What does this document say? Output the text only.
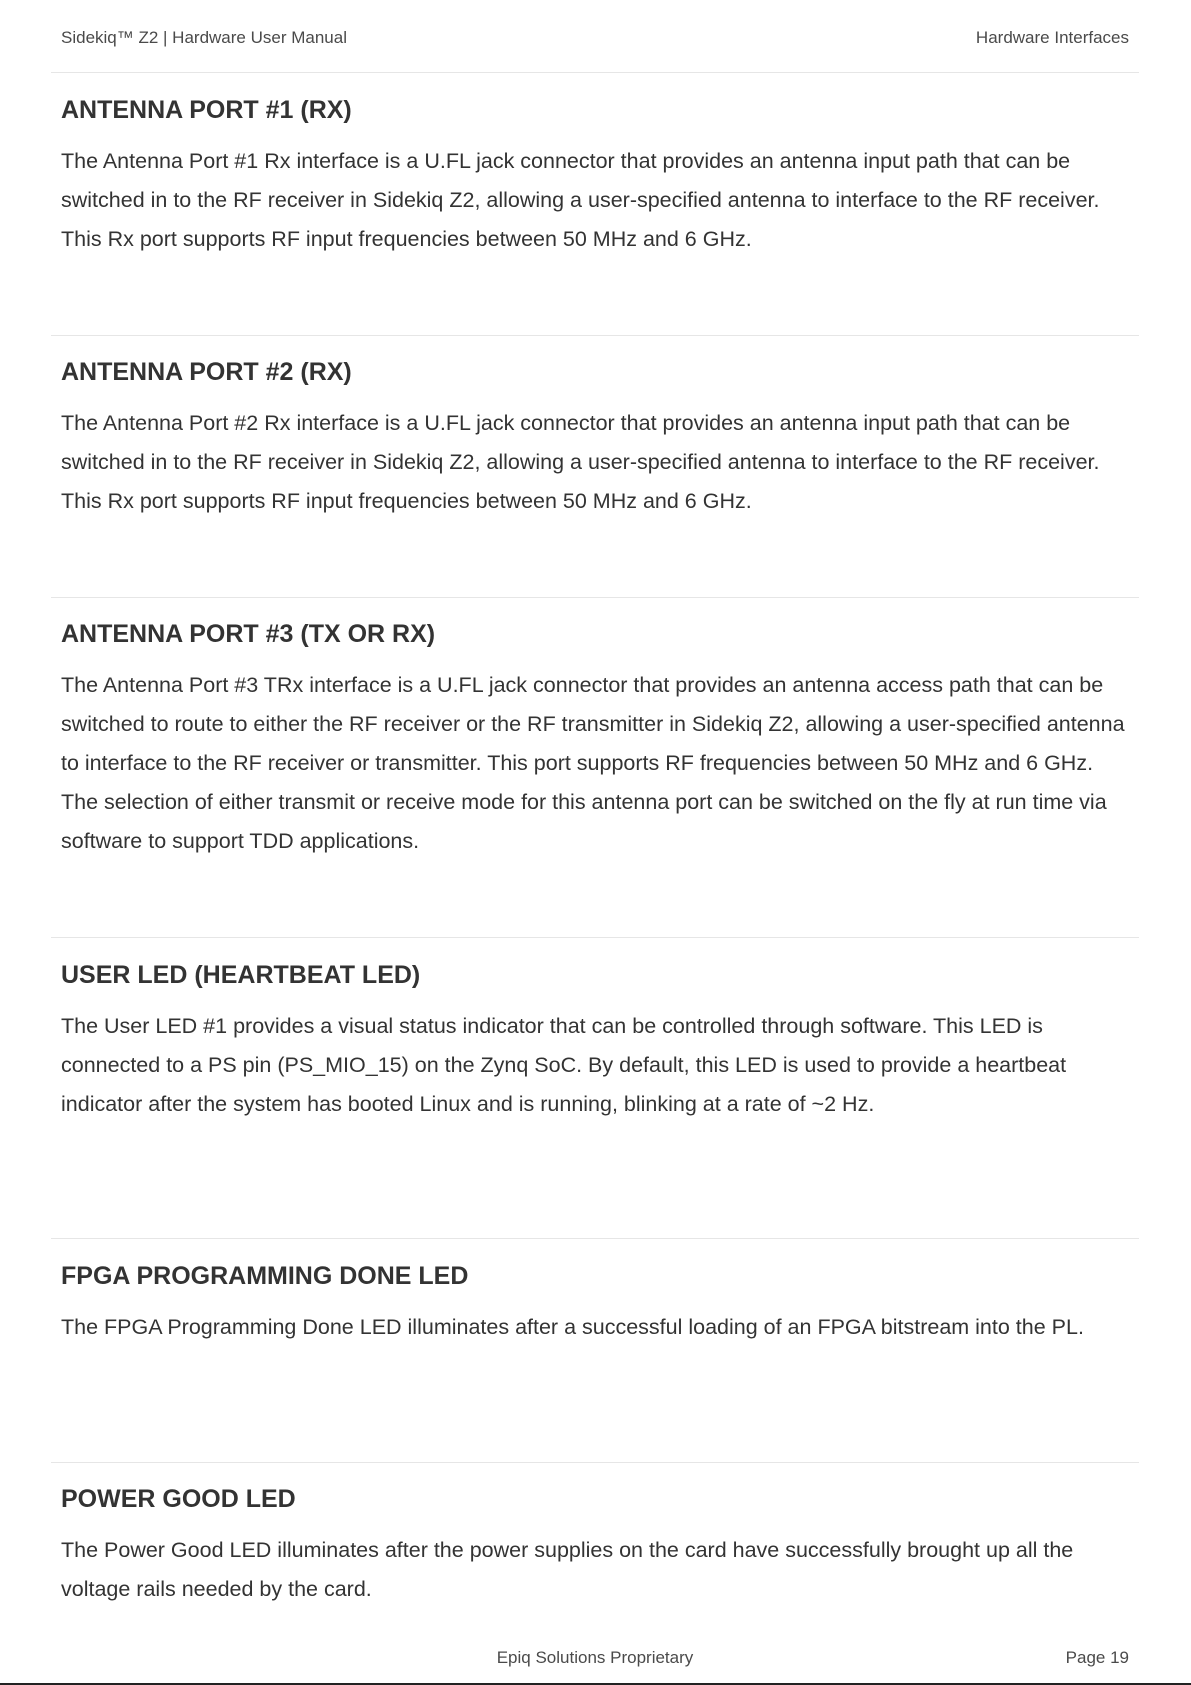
Sidekiq™ Z2 | Hardware User Manual	Hardware Interfaces
ANTENNA PORT #1 (RX)

The Antenna Port #1 Rx interface is a U.FL jack connector that provides an antenna input path that can be switched in to the RF receiver in Sidekiq Z2, allowing a user-specified antenna to interface to the RF receiver. This Rx port supports RF input frequencies between 50 MHz and 6 GHz.

ANTENNA PORT #2 (RX)

The Antenna Port #2 Rx interface is a U.FL jack connector that provides an antenna input path that can be switched in to the RF receiver in Sidekiq Z2, allowing a user-specified antenna to interface to the RF receiver. This Rx port supports RF input frequencies between 50 MHz and 6 GHz.

ANTENNA PORT #3 (TX OR RX)

The Antenna Port #3 TRx interface is a U.FL jack connector that provides an antenna access path that can be switched to route to either the RF receiver or the RF transmitter in Sidekiq Z2, allowing a user-specified antenna to interface to the RF receiver or transmitter. This port supports RF frequencies between 50 MHz and 6 GHz. The selection of either transmit or receive mode for this antenna port can be switched on the fly at run time via software to support TDD applications.

USER LED (HEARTBEAT LED)

The User LED #1 provides a visual status indicator that can be controlled through software. This LED is connected to a PS pin (PS_MIO_15) on the Zynq SoC. By default, this LED is used to provide a heartbeat indicator after the system has booted Linux and is running, blinking at a rate of ~2 Hz.

FPGA PROGRAMMING DONE LED

The FPGA Programming Done LED illuminates after a successful loading of an FPGA bitstream into the PL.

POWER GOOD LED

The Power Good LED illuminates after the power supplies on the card have successfully brought up all the voltage rails needed by the card.

Epiq Solutions Proprietary	Page 19
